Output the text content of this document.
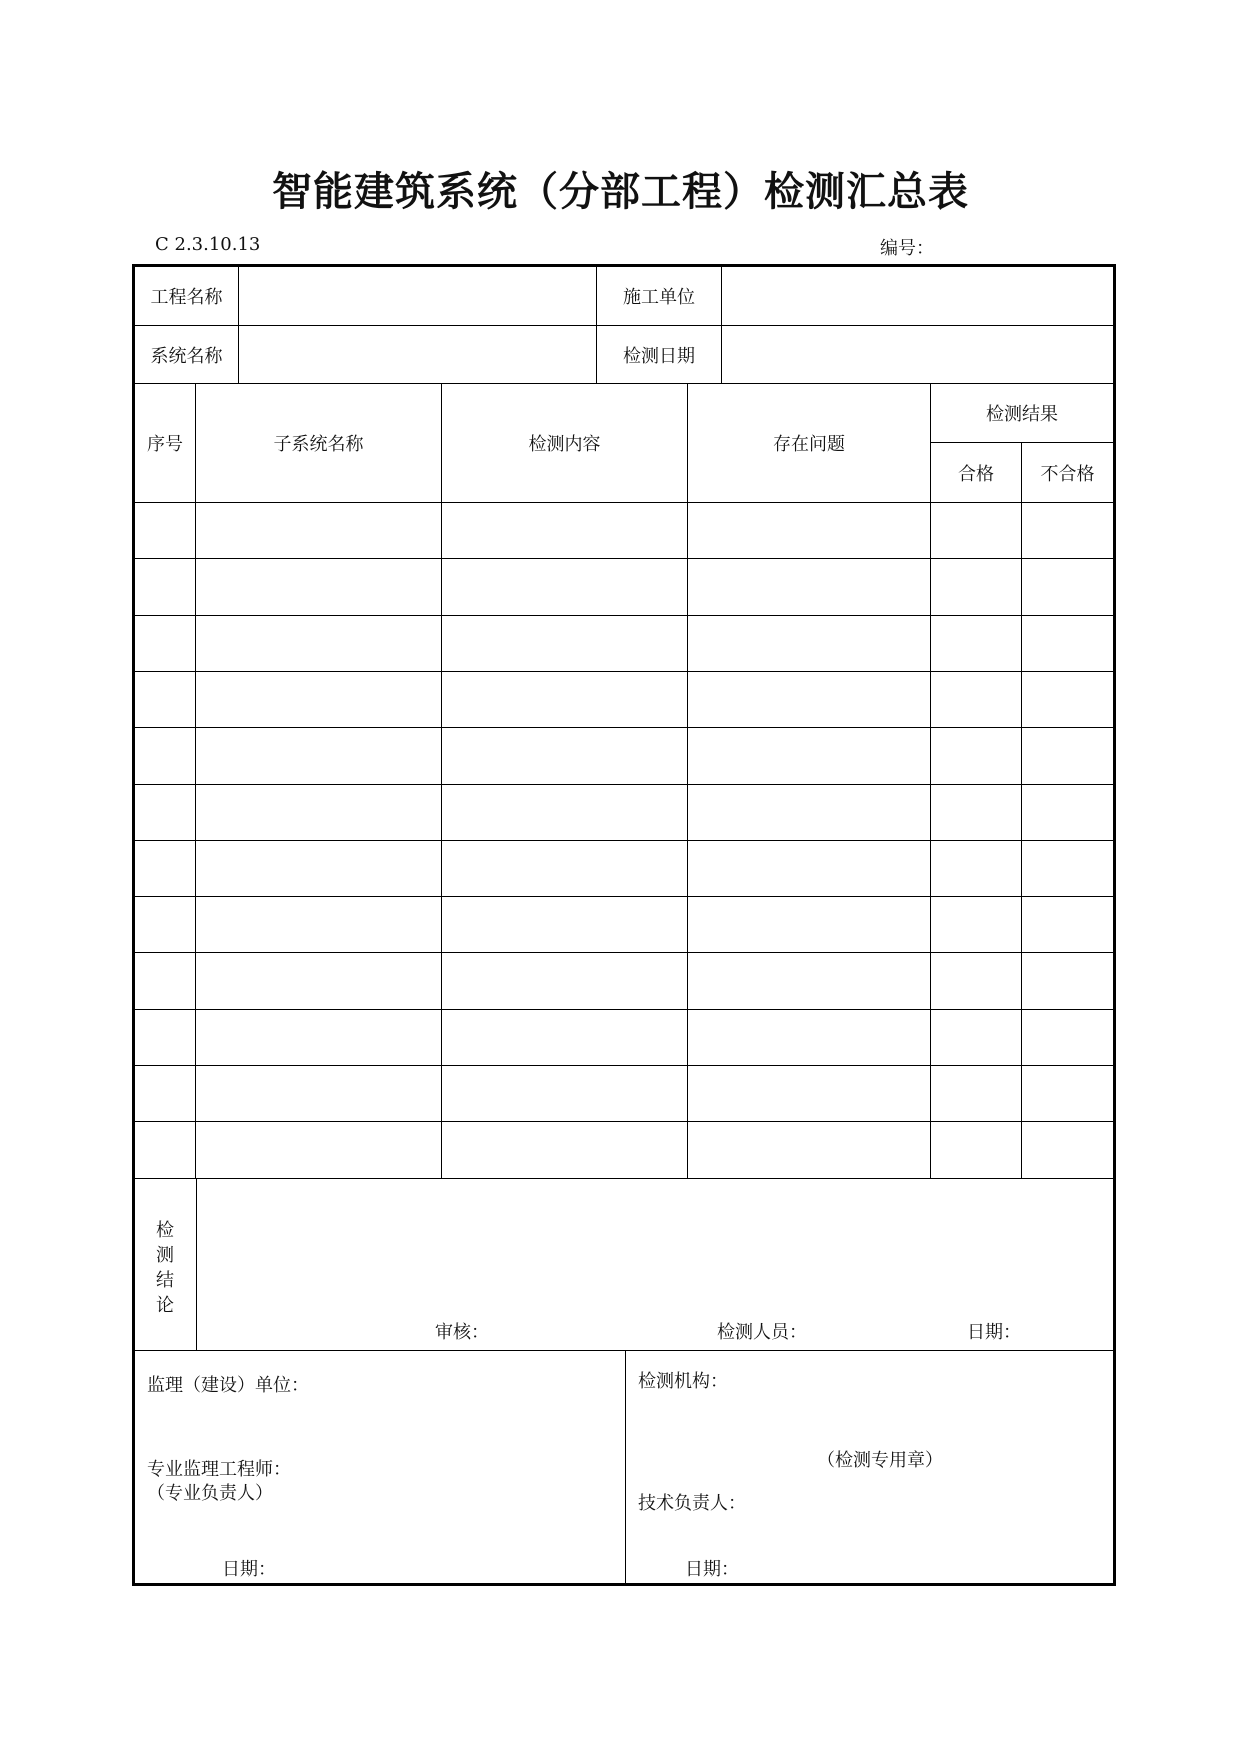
智能建筑系统（分部工程）检测汇总表
C 2.3.10.13	编号：
工程名称	施工单位
系统名称	检测日期
序号	子系统名称	检测内容	存在问题
检测结果
合格	不合格
检
测
结
论
审核：	检测人员：	日期：
监理（建设）单位：
专业监理工程师：
（专业负责人）
日期：
检测机构：
（检测专用章）
技术负责人：
日期：
